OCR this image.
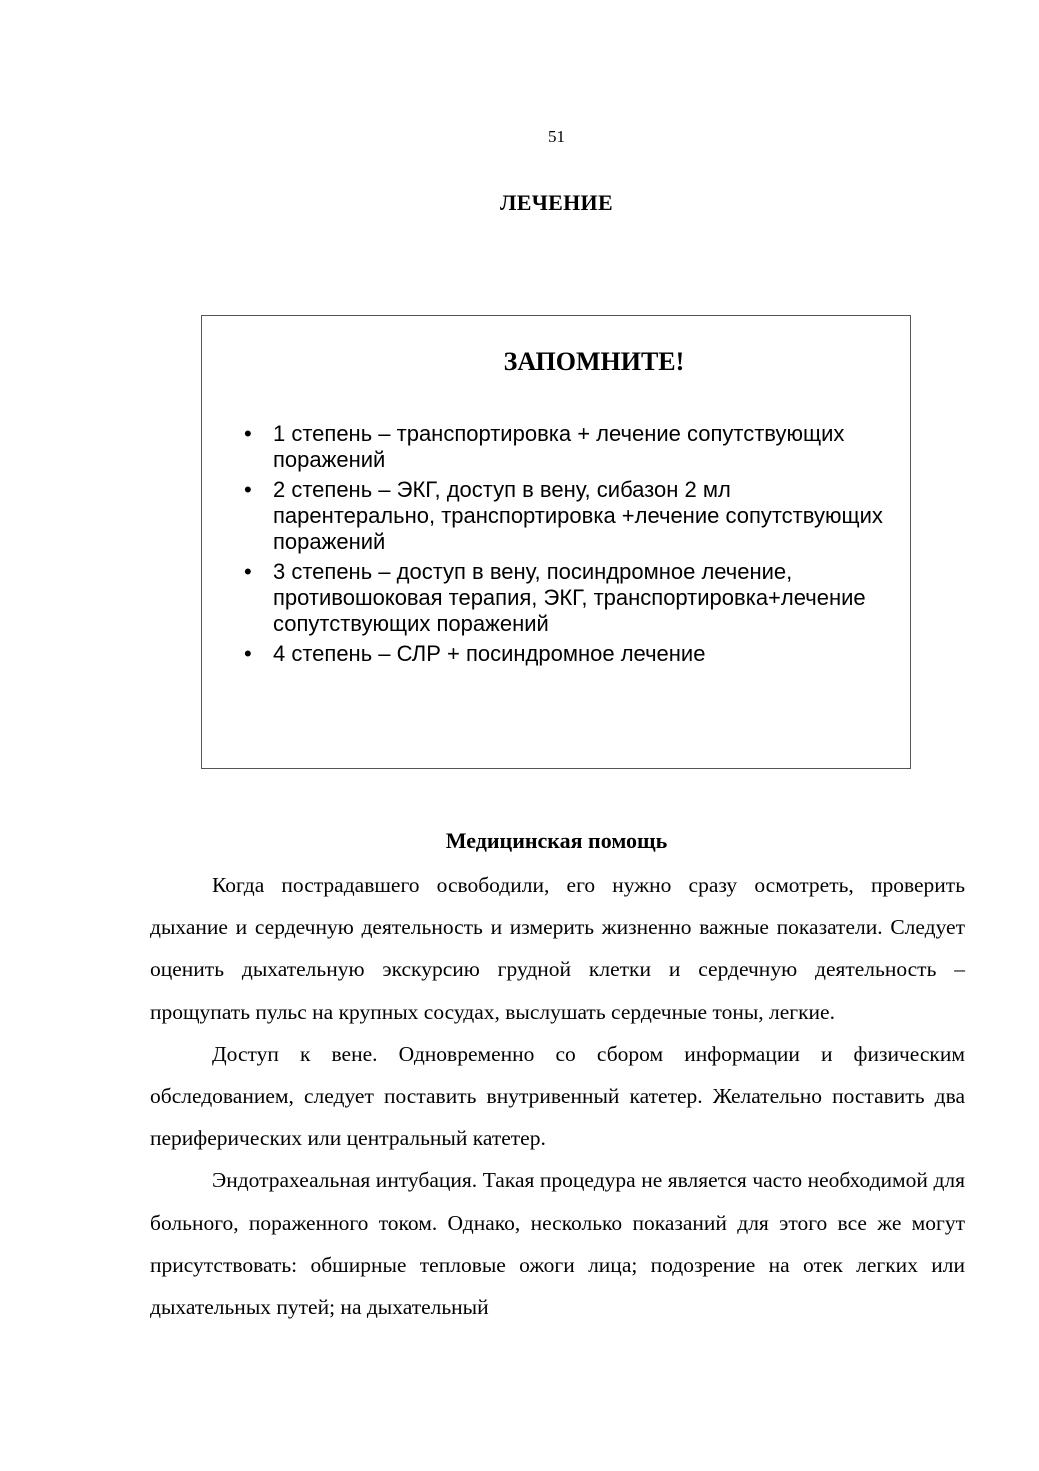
51
ЛЕЧЕНИЕ
ЗАПОМНИТЕ!
• 1 степень – транспортировка + лечение сопутствующих поражений
• 2 степень – ЭКГ, доступ в вену, сибазон 2 мл парентерально, транспортировка +лечение сопутствующих поражений
• 3 степень – доступ в вену, посиндромное лечение, противошоковая терапия, ЭКГ, транспортировка+лечение сопутствующих поражений
• 4 степень – СЛР + посиндромное лечение
Медицинская помощь

Когда пострадавшего освободили, его нужно сразу осмотреть, проверить дыхание и сердечную деятельность и измерить жизненно важные показатели. Следует оценить дыхательную экскурсию грудной клетки и сердечную деятельность – прощупать пульс на крупных сосудах, выслушать сердечные тоны, легкие.

Доступ к вене. Одновременно со сбором информации и физическим обследованием, следует поставить внутривенный катетер. Желательно поставить два периферических или центральный катетер.

Эндотрахеальная интубация. Такая процедура не является часто необходимой для больного, пораженного током. Однако, несколько показаний для этого все же могут присутствовать: обширные тепловые ожоги лица; подозрение на отек легких или дыхательных путей; на дыхательный
